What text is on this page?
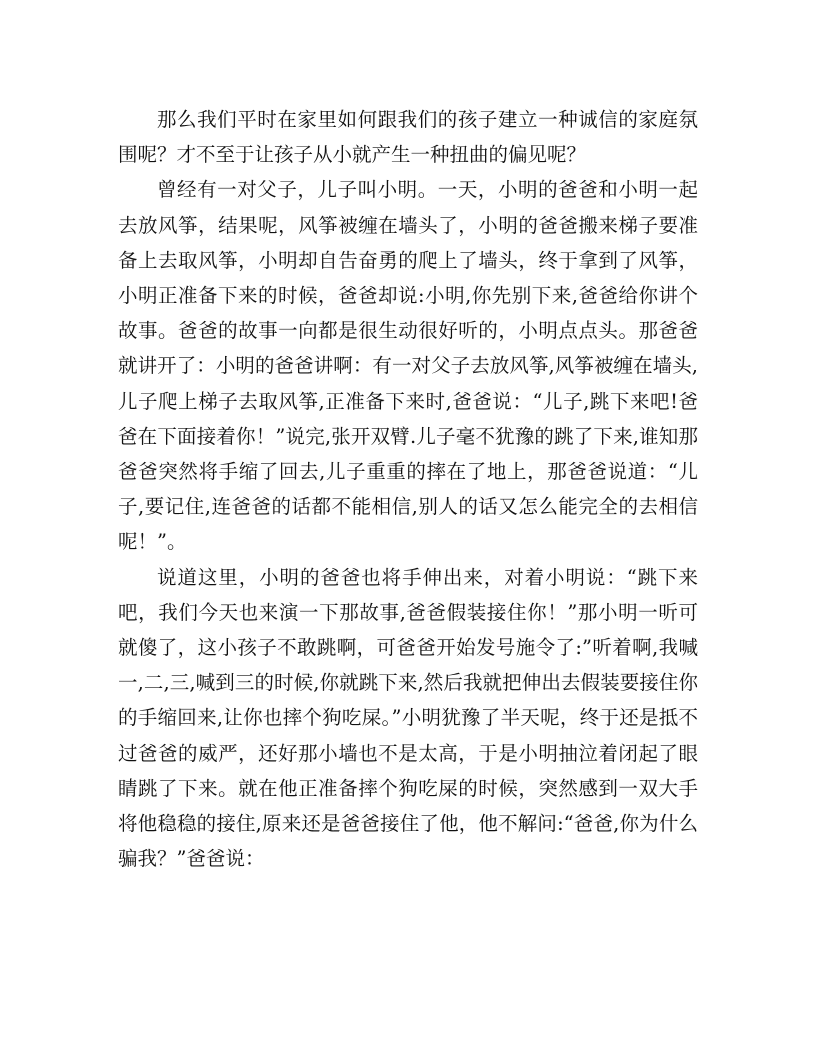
那么我们平时在家里如何跟我们的孩子建立一种诚信的家庭氛围呢？才不至于让孩子从小就产生一种扭曲的偏见呢？

曾经有一对父子，儿子叫小明。一天，小明的爸爸和小明一起去放风筝，结果呢，风筝被缠在墙头了，小明的爸爸搬来梯子要准备上去取风筝，小明却自告奋勇的爬上了墙头，终于拿到了风筝，小明正准备下来的时候，爸爸却说:小明,你先别下来,爸爸给你讲个故事。爸爸的故事一向都是很生动很好听的，小明点点头。那爸爸就讲开了：小明的爸爸讲啊：有一对父子去放风筝,风筝被缠在墙头,儿子爬上梯子去取风筝,正准备下来时,爸爸说：“儿子,跳下来吧!爸爸在下面接着你！”说完,张开双臂.儿子毫不犹豫的跳了下来,谁知那爸爸突然将手缩了回去,儿子重重的摔在了地上，那爸爸说道：“儿子,要记住,连爸爸的话都不能相信,别人的话又怎么能完全的去相信呢！”。

说道这里，小明的爸爸也将手伸出来，对着小明说：“跳下来吧，我们今天也来演一下那故事,爸爸假装接住你！”那小明一听可就傻了，这小孩子不敢跳啊，可爸爸开始发号施令了:”听着啊,我喊一,二,三,喊到三的时候,你就跳下来,然后我就把伸出去假装要接住你的手缩回来,让你也摔个狗吃屎。”小明犹豫了半天呢，终于还是抵不过爸爸的威严，还好那小墙也不是太高，于是小明抽泣着闭起了眼睛跳了下来。就在他正准备摔个狗吃屎的时候，突然感到一双大手将他稳稳的接住,原来还是爸爸接住了他，他不解问:“爸爸,你为什么骗我？”爸爸说：
